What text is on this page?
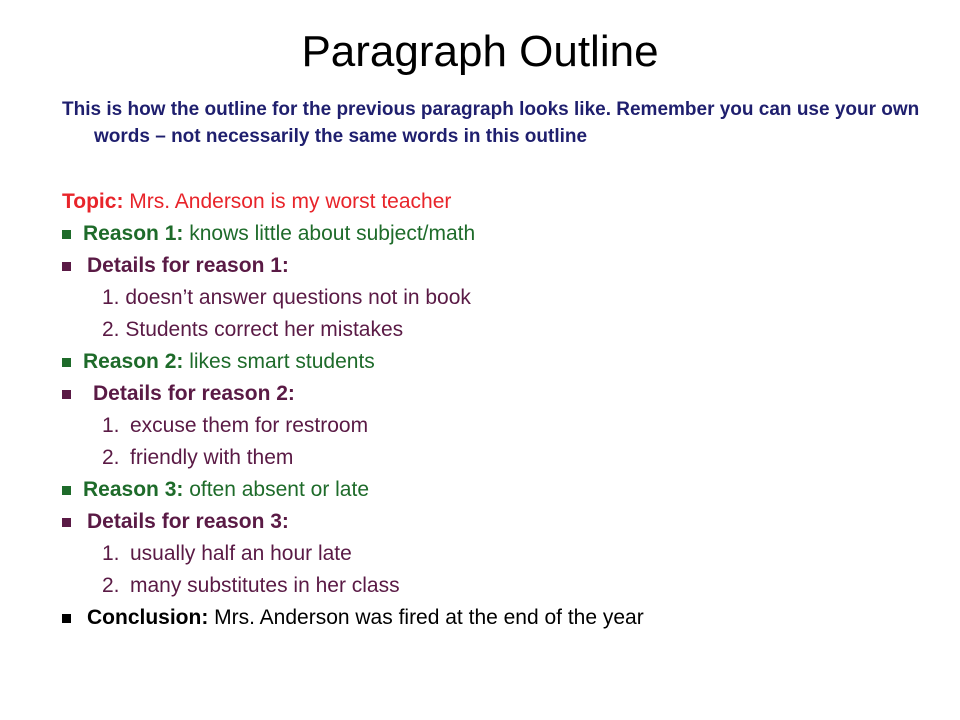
Paragraph Outline

This is how the outline for the previous paragraph looks like. Remember you can use your own words – not necessarily the same words in this outline

Topic: Mrs. Anderson is my worst teacher
Reason 1: knows little about subject/math
Details for reason 1:
1.
doesn’t answer questions not in book
2.
Students correct her mistakes
Reason 2: likes smart students
Details for reason 2:
1. excuse them for restroom
2. friendly with them
Reason 3: often absent or late
Details for reason 3:
1. usually half an hour late
2. many substitutes in her class
Conclusion: Mrs. Anderson was fired at the end of the year
